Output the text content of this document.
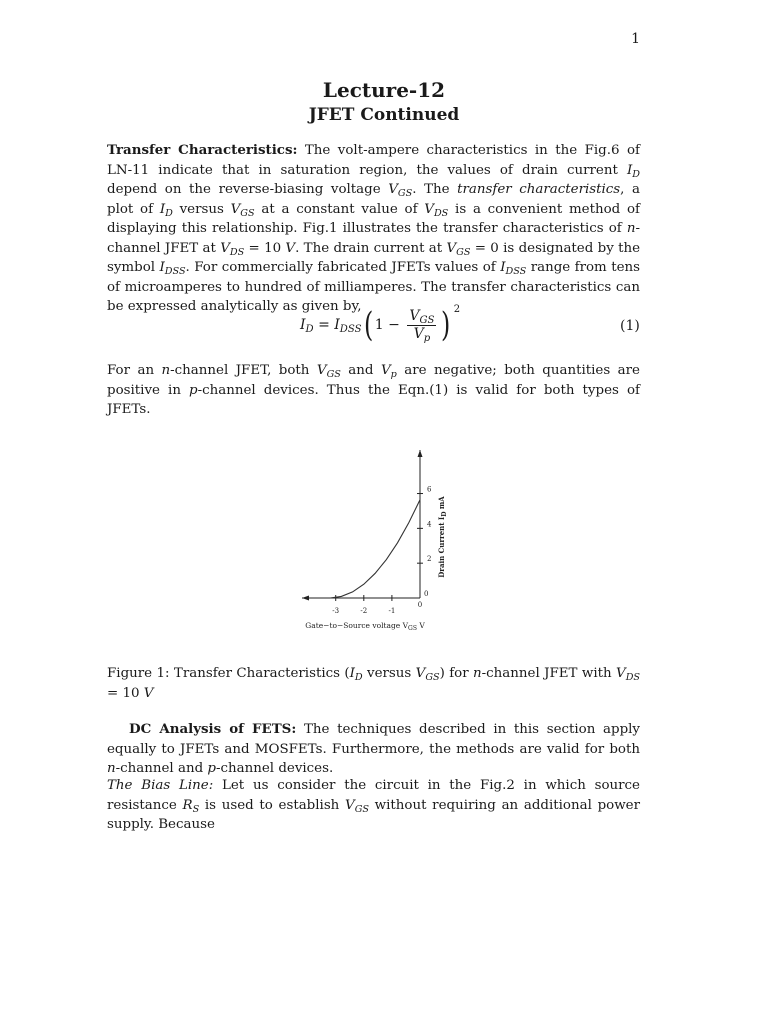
1
Lecture-12
JFET Continued

Transfer Characteristics: The volt-ampere characteristics in the Fig.6 of LN-11 indicate that in saturation region, the values of drain current $I_D$ depend on the reverse-biasing voltage $V_{GS}$. The transfer characteristics, a plot of $I_D$ versus $V_{GS}$ at a constant value of $V_{DS}$ is a convenient method of displaying this relationship. Fig.1 illustrates the transfer characteristics of n-channel JFET at $V_{DS} = 10$ V. The drain current at $V_{GS} = 0$ is designated by the symbol $I_{DSS}$. For commercially fabricated JFETs values of $I_{DSS}$ range from tens of microamperes to hundred of milliamperes. The transfer characteristics can be expressed analytically as given by,

$I_D = I_{DSS}$ ( $1 - \frac{V_{GS}}{V_p}$ ) 2
(1)

For an n-channel JFET, both $V_{GS}$ and $V_p$ are negative; both quantities are positive in p-channel devices. Thus the Eqn.(1) is valid for both types of JFETs.

-3	-2	-1
0
2
4
6
0
Gate−to−Source voltage $V_{GS}$ V
Drain Current ID mA

Figure 1: Transfer Characteristics ($I_D$ versus $V_{GS}$) for n-channel JFET with $V_{DS} = 10$ V

DC Analysis of FETS: The techniques described in this section apply equally to JFETs and MOSFETs. Furthermore, the methods are valid for both n-channel and p-channel devices.

The Bias Line: Let us consider the circuit in the Fig.2 in which source resistance $R_S$ is used to establish $V_{GS}$ without requiring an additional power supply. Because
